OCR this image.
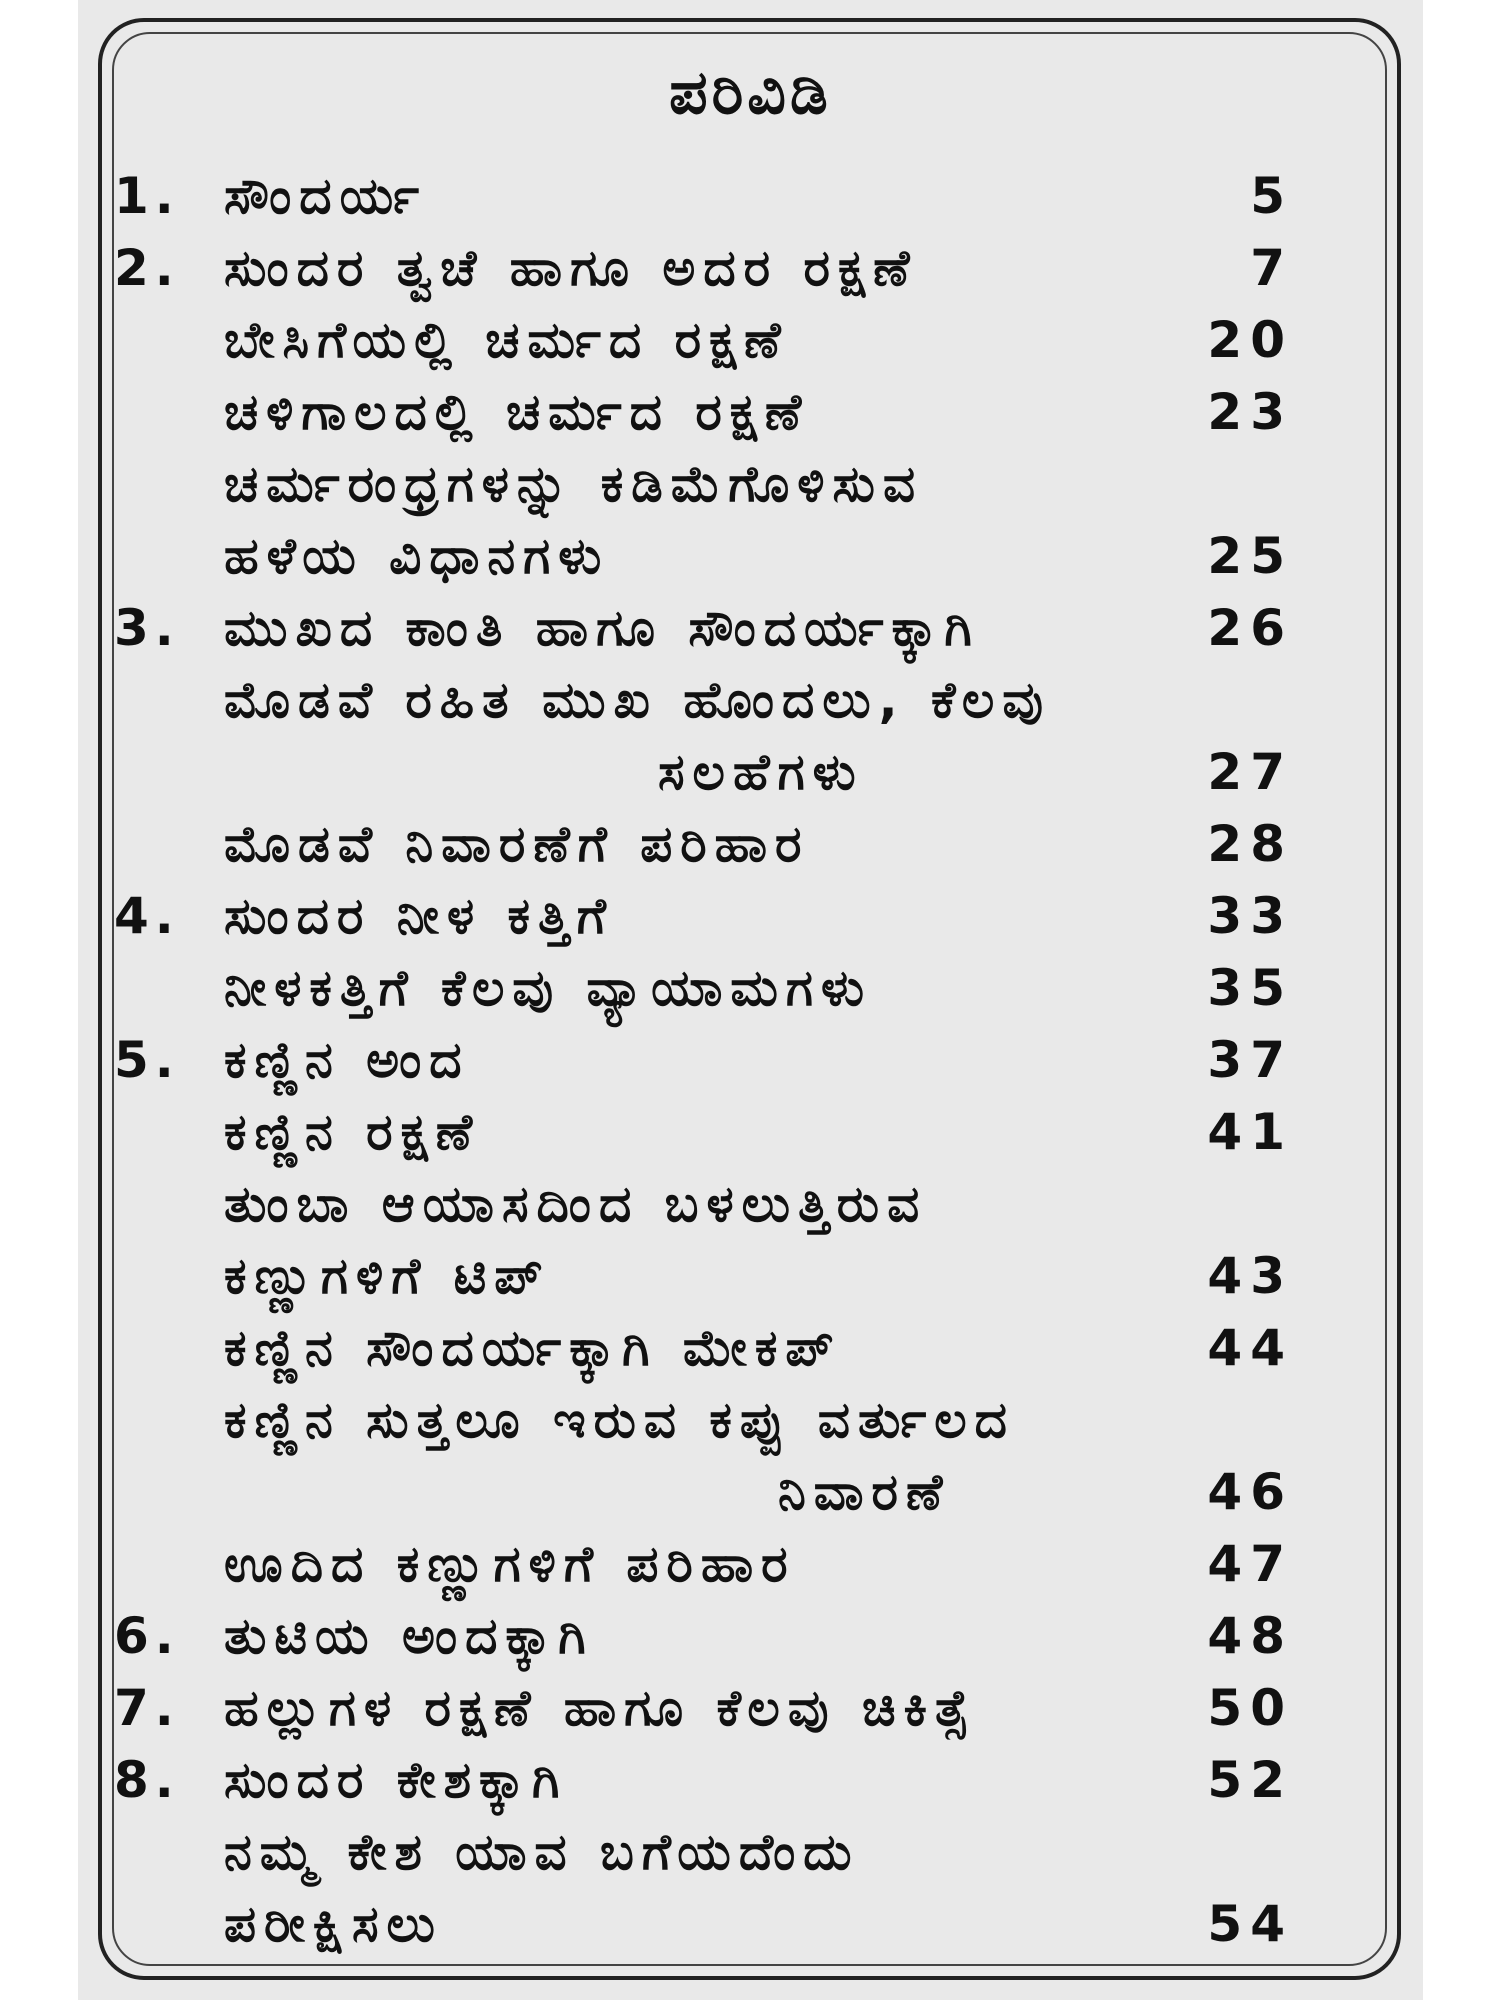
ಪರಿವಿಡಿ
1. ಸೌಂದರ್ಯ	5
2. ಸುಂದರ ತ್ವಚೆ ಹಾಗೂ ಅದರ ರಕ್ಷಣೆ	7
ಬೇಸಿಗೆಯಲ್ಲಿ ಚರ್ಮದ ರಕ್ಷಣೆ	20
ಚಳಿಗಾಲದಲ್ಲಿ ಚರ್ಮದ ರಕ್ಷಣೆ	23
ಚರ್ಮರಂಧ್ರಗಳನ್ನು ಕಡಿಮೆಗೊಳಿಸುವ
ಹಳೆಯ ವಿಧಾನಗಳು	25
3. ಮುಖದ ಕಾಂತಿ ಹಾಗೂ ಸೌಂದರ್ಯಕ್ಕಾಗಿ	26
ಮೊಡವೆ ರಹಿತ ಮುಖ ಹೊಂದಲು, ಕೆಲವು
ಸಲಹೆಗಳು	27
ಮೊಡವೆ ನಿವಾರಣೆಗೆ ಪರಿಹಾರ	28
4. ಸುಂದರ ನೀಳ ಕತ್ತಿಗೆ	33
ನೀಳಕತ್ತಿಗೆ ಕೆಲವು ವ್ಯಾಯಾಮಗಳು	35
5. ಕಣ್ಣಿನ ಅಂದ	37
ಕಣ್ಣಿನ ರಕ್ಷಣೆ	41
ತುಂಬಾ ಆಯಾಸದಿಂದ ಬಳಲುತ್ತಿರುವ
ಕಣ್ಣುಗಳಿಗೆ ಟಿಪ್	43
ಕಣ್ಣಿನ ಸೌಂದರ್ಯಕ್ಕಾಗಿ ಮೇಕಪ್	44
ಕಣ್ಣಿನ ಸುತ್ತಲೂ ಇರುವ ಕಪ್ಪು ವರ್ತುಲದ
ನಿವಾರಣೆ	46
ಊದಿದ ಕಣ್ಣುಗಳಿಗೆ ಪರಿಹಾರ	47
6. ತುಟಿಯ ಅಂದಕ್ಕಾಗಿ	48
7. ಹಲ್ಲುಗಳ ರಕ್ಷಣೆ ಹಾಗೂ ಕೆಲವು ಚಿಕಿತ್ಸೆ	50
8. ಸುಂದರ ಕೇಶಕ್ಕಾಗಿ	52
ನಮ್ಮ ಕೇಶ ಯಾವ ಬಗೆಯದೆಂದು
ಪರೀಕ್ಷಿಸಲು	54
